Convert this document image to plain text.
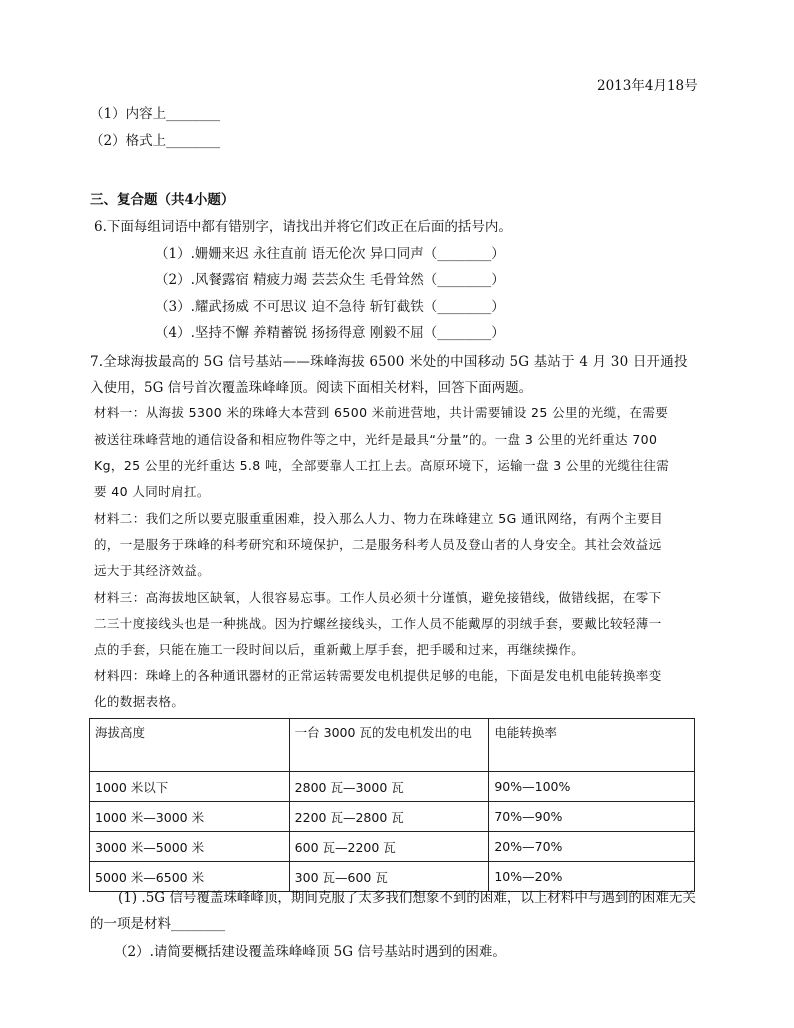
2013年4月18号
（1）内容上________
（2）格式上________
三、复合题（共4小题）
6.下面每组词语中都有错别字，请找出并将它们改正在后面的括号内。
（1）.姗姗来迟 永往直前 语无伦次 异口同声（________）
（2）.风餐露宿 精疲力竭 芸芸众生 毛骨耸然（________）
（3）.耀武扬威 不可思议 迫不急待 斩钉截铁（________）
（4）.坚持不懈 养精蓄锐 扬扬得意 刚毅不屈（________）
7.全球海拔最高的 5G 信号基站——珠峰海拔 6500 米处的中国移动 5G 基站于 4 月 30 日开通投
入使用，5G 信号首次覆盖珠峰峰顶。阅读下面相关材料，回答下面两题。
材料一：从海拔 5300 米的珠峰大本营到 6500 米前进营地，共计需要铺设 25 公里的光缆，在需要
被送往珠峰营地的通信设备和相应物件等之中，光纤是最具“分量”的。一盘 3 公里的光纤重达 700
Kg，25 公里的光纤重达 5.8 吨，全部要靠人工扛上去。高原环境下，运输一盘 3 公里的光缆往往需
要 40 人同时肩扛。
材料二：我们之所以要克服重重困难，投入那么人力、物力在珠峰建立 5G 通讯网络，有两个主要目
的，一是服务于珠峰的科考研究和环境保护，二是服务科考人员及登山者的人身安全。其社会效益远
远大于其经济效益。
材料三：高海拔地区缺氧，人很容易忘事。工作人员必须十分谨慎，避免接错线，做错线据，在零下
二三十度接线头也是一种挑战。因为拧螺丝接线头，工作人员不能戴厚的羽绒手套，要戴比较轻薄一
点的手套，只能在施工一段时间以后，重新戴上厚手套，把手暖和过来，再继续操作。
材料四：珠峰上的各种通讯器材的正常运转需要发电机提供足够的电能，下面是发电机电能转换率变
化的数据表格。
海拔高度	一台 3000 瓦的发电机发出的电	电能转换率
1000 米以下	2800 瓦—3000 瓦	90%—100%
1000 米—3000 米	2200 瓦—2800 瓦	70%—90%
3000 米—5000 米	600 瓦—2200 瓦	20%—70%
5000 米—6500 米	300 瓦—600 瓦	10%—20%
(1) .5G 信号覆盖珠峰峰顶，期间克服了太多我们想象不到的困难，以上材料中与遇到的困难无关
的一项是材料________
（2）.请简要概括建设覆盖珠峰峰顶 5G 信号基站时遇到的困难。
